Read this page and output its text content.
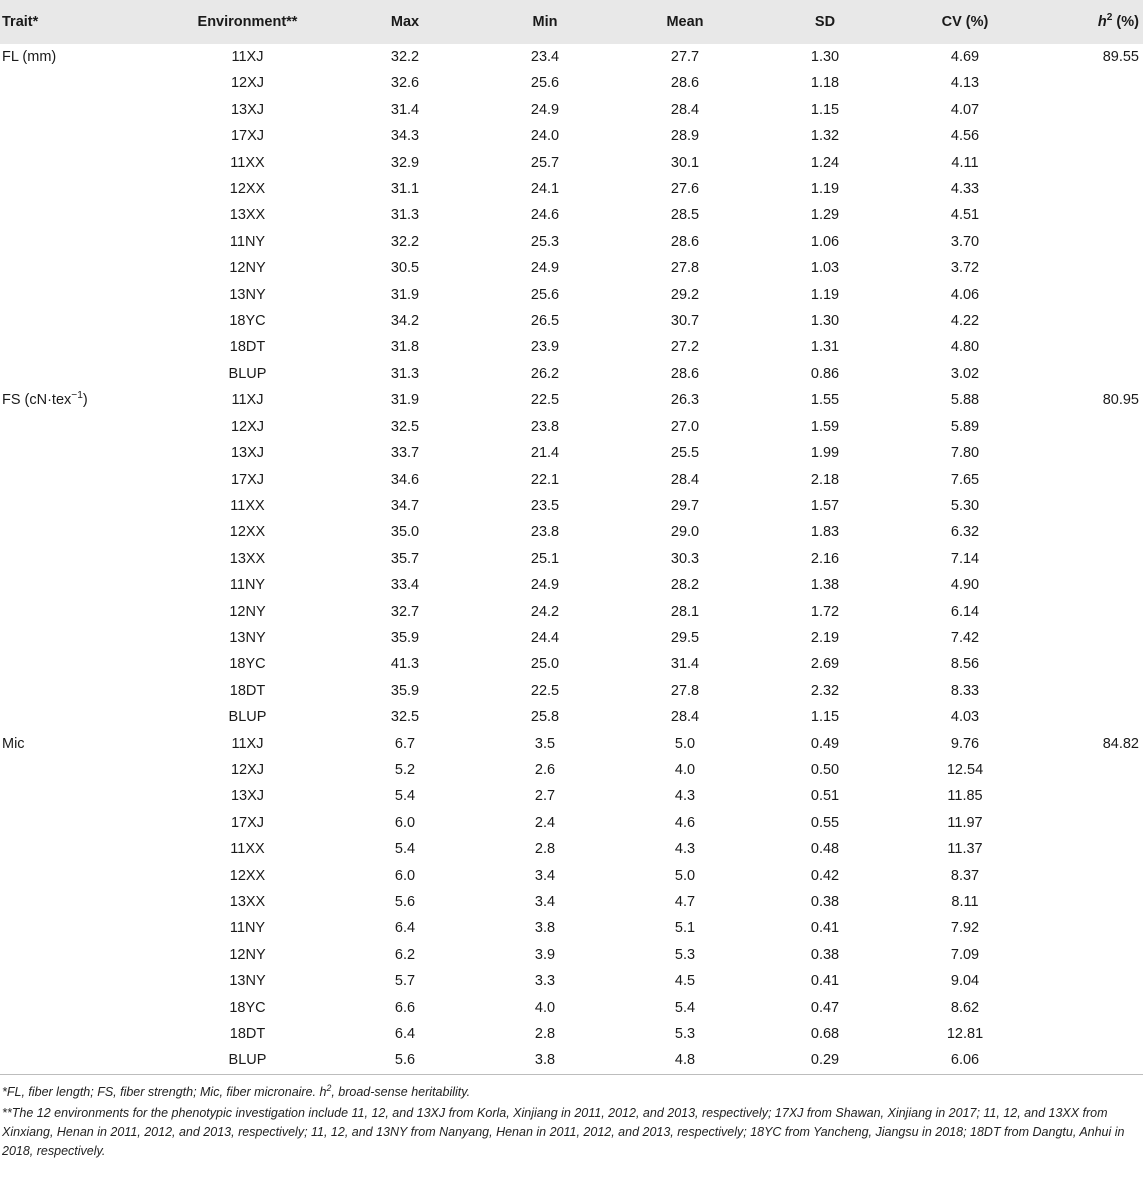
Trait*	Environment**	Max	Min	Mean	SD	CV (%)	$h^2$ (%)
FL (mm)	11XJ	32.2	23.4	27.7	1.30	4.69	89.55
	12XJ	32.6	25.6	28.6	1.18	4.13	
	13XJ	31.4	24.9	28.4	1.15	4.07	
	17XJ	34.3	24.0	28.9	1.32	4.56	
	11XX	32.9	25.7	30.1	1.24	4.11	
	12XX	31.1	24.1	27.6	1.19	4.33	
	13XX	31.3	24.6	28.5	1.29	4.51	
	11NY	32.2	25.3	28.6	1.06	3.70	
	12NY	30.5	24.9	27.8	1.03	3.72	
	13NY	31.9	25.6	29.2	1.19	4.06	
	18YC	34.2	26.5	30.7	1.30	4.22	
	18DT	31.8	23.9	27.2	1.31	4.80	
	BLUP	31.3	26.2	28.6	0.86	3.02	
FS (cN·tex$^{-1}$)	11XJ	31.9	22.5	26.3	1.55	5.88	80.95
	12XJ	32.5	23.8	27.0	1.59	5.89	
	13XJ	33.7	21.4	25.5	1.99	7.80	
	17XJ	34.6	22.1	28.4	2.18	7.65	
	11XX	34.7	23.5	29.7	1.57	5.30	
	12XX	35.0	23.8	29.0	1.83	6.32	
	13XX	35.7	25.1	30.3	2.16	7.14	
	11NY	33.4	24.9	28.2	1.38	4.90	
	12NY	32.7	24.2	28.1	1.72	6.14	
	13NY	35.9	24.4	29.5	2.19	7.42	
	18YC	41.3	25.0	31.4	2.69	8.56	
	18DT	35.9	22.5	27.8	2.32	8.33	
	BLUP	32.5	25.8	28.4	1.15	4.03	
Mic	11XJ	6.7	3.5	5.0	0.49	9.76	84.82
	12XJ	5.2	2.6	4.0	0.50	12.54	
	13XJ	5.4	2.7	4.3	0.51	11.85	
	17XJ	6.0	2.4	4.6	0.55	11.97	
	11XX	5.4	2.8	4.3	0.48	11.37	
	12XX	6.0	3.4	5.0	0.42	8.37	
	13XX	5.6	3.4	4.7	0.38	8.11	
	11NY	6.4	3.8	5.1	0.41	7.92	
	12NY	6.2	3.9	5.3	0.38	7.09	
	13NY	5.7	3.3	4.5	0.41	9.04	
	18YC	6.6	4.0	5.4	0.47	8.62	
	18DT	6.4	2.8	5.3	0.68	12.81	
	BLUP	5.6	3.8	4.8	0.29	6.06	

*FL, fiber length; FS, fiber strength; Mic, fiber micronaire. $h^2$, broad-sense heritability.

**The 12 environments for the phenotypic investigation include 11, 12, and 13XJ from Korla, Xinjiang in 2011, 2012, and 2013, respectively; 17XJ from Shawan, Xinjiang in 2017; 11, 12, and 13XX from Xinxiang, Henan in 2011, 2012, and 2013, respectively; 11, 12, and 13NY from Nanyang, Henan in 2011, 2012, and 2013, respectively; 18YC from Yancheng, Jiangsu in 2018; 18DT from Dangtu, Anhui in 2018, respectively.
